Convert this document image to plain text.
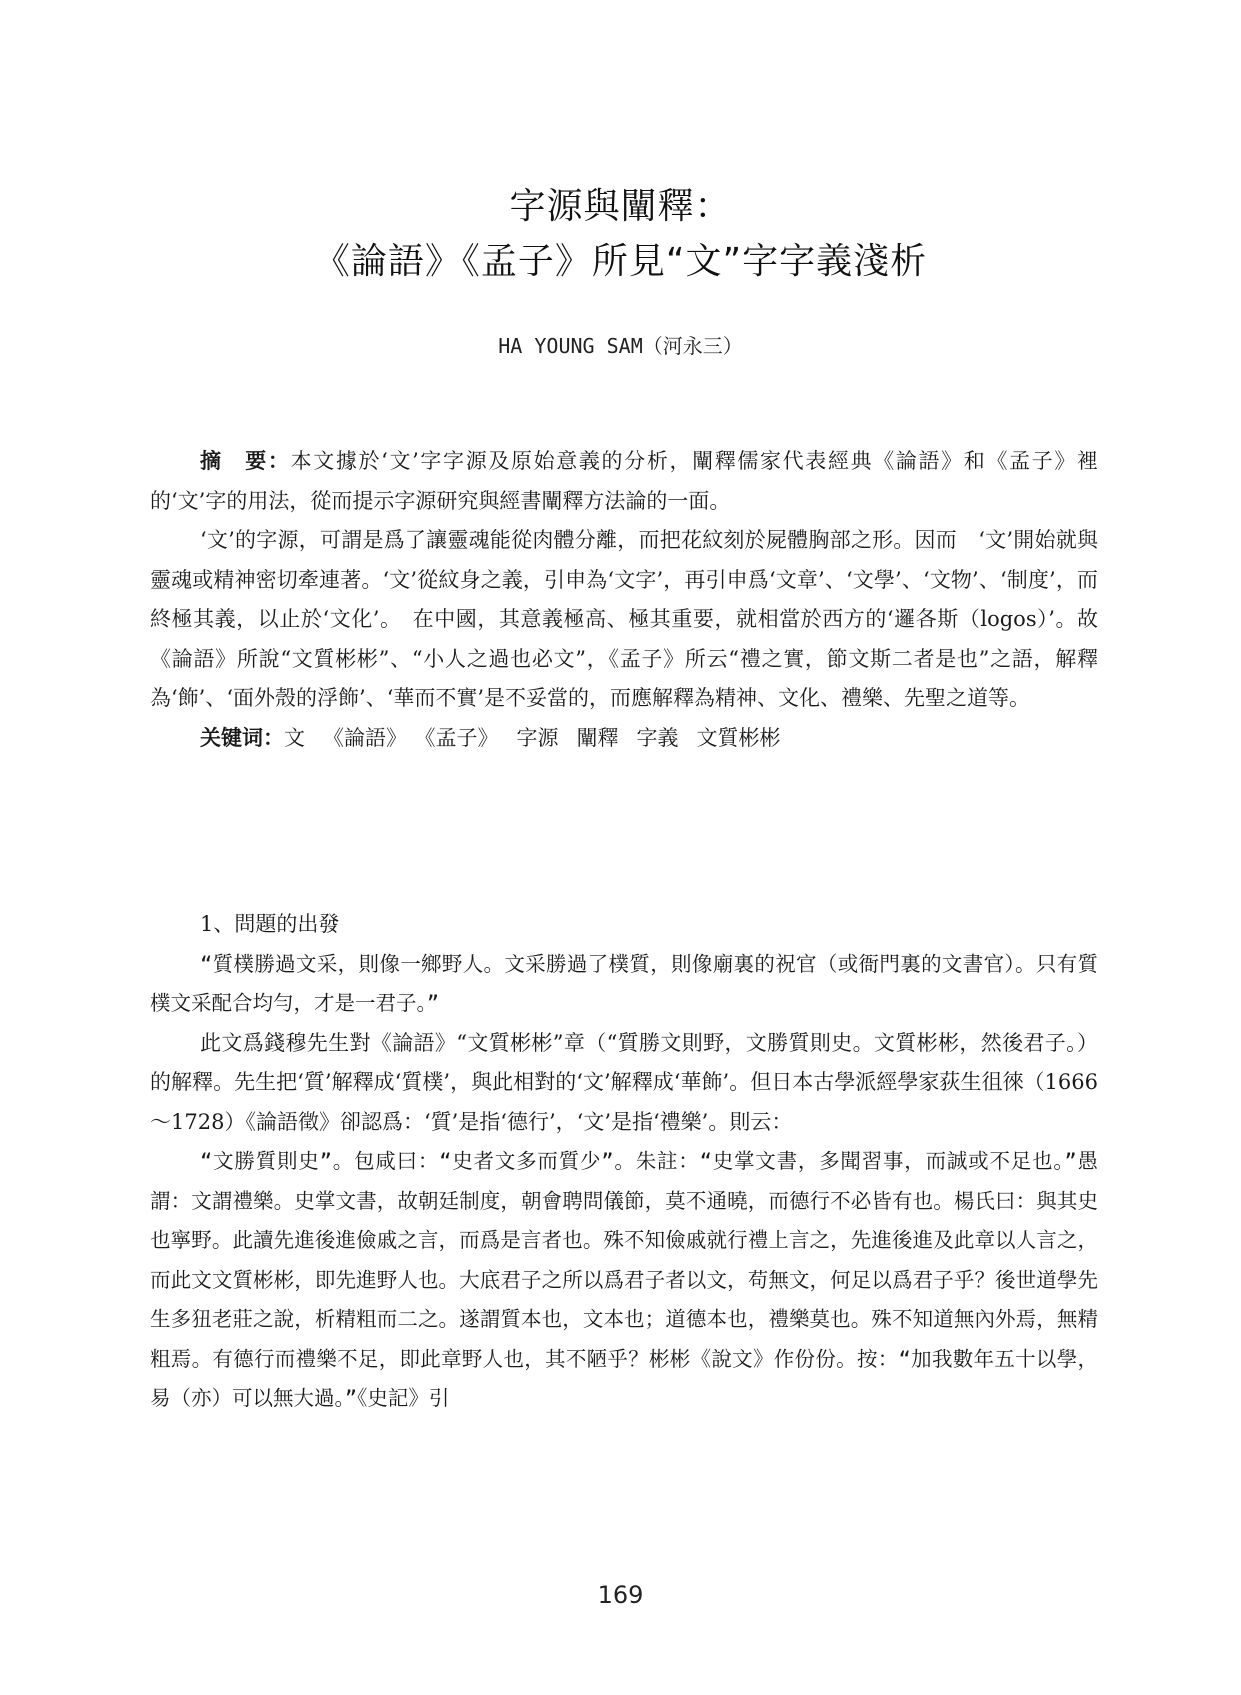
字源與闡釋：
《論語》《孟子》所見“文”字字義淺析
HA YOUNG SAM（河永三）

摘　要：本文據於‘文’字字源及原始意義的分析，闡釋儒家代表經典《論語》和《孟子》裡的‘文’字的用法，從而提示字源研究與經書闡釋方法論的一面。

‘文’的字源，可謂是爲了讓靈魂能從肉體分離，而把花紋刻於屍體胸部之形。因而　‘文’開始就與靈魂或精神密切牽連著。‘文’從紋身之義，引申為‘文字’，再引申爲‘文章’、‘文學’、‘文物’、‘制度’，而終極其義，以止於‘文化’。　在中國，其意義極高、極其重要，就相當於西方的‘邏各斯（logos）’。故《論語》所說“文質彬彬”、“小人之過也必文”，《孟子》所云“禮之實，節文斯二者是也”之語，解釋為‘飾’、‘面外殼的浮飾’、‘華而不實’是不妥當的，而應解釋為精神、文化、禮樂、先聖之道等。

关键词：文 《論語》 《孟子》 字源 闡釋 字義 文質彬彬

1、問題的出發

“質樸勝過文采，則像一鄉野人。文采勝過了樸質，則像廟裏的祝官（或衙門裏的文書官）。只有質樸文采配合均勻，才是一君子。”

此文爲錢穆先生對《論語》“文質彬彬”章（“質勝文則野，文勝質則史。文質彬彬，然後君子。）的解釋。先生把‘質’解釋成‘質樸’，與此相對的‘文’解釋成‘華飾’。但日本古學派經學家荻生徂徠（1666～1728）《論語徵》卻認爲：‘質’是指‘德行’，‘文’是指‘禮樂’。則云：

“文勝質則史”。包咸曰：“史者文多而質少”。朱註：“史掌文書，多聞習事，而誠或不足也。”愚謂：文謂禮樂。史掌文書，故朝廷制度，朝會聘問儀節，莫不通曉，而德行不必皆有也。楊氏曰：與其史也寧野。此讀先進後進儉戚之言，而爲是言者也。殊不知儉戚就行禮上言之，先進後進及此章以人言之，而此文文質彬彬，即先進野人也。大底君子之所以爲君子者以文，苟無文，何足以爲君子乎？後世道學先生多狃老莊之說，析精粗而二之。遂謂質本也，文本也；道德本也，禮樂莫也。殊不知道無內外焉，無精粗焉。有德行而禮樂不足，即此章野人也，其不陋乎？彬彬《說文》作份份。按：“加我數年五十以學，易（亦）可以無大過。”《史記》引

169
